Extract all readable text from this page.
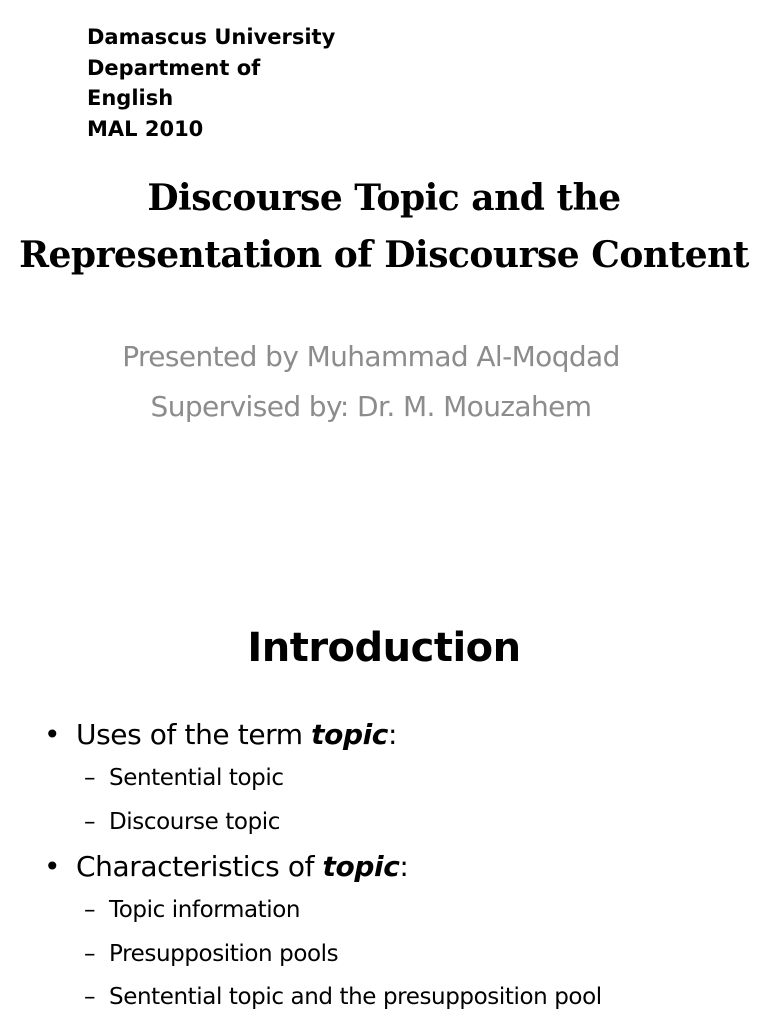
Damascus University
Department of
English
MAL 2010
Discourse Topic and the
Representation of Discourse Content
Presented by Muhammad Al-Moqdad
Supervised by: Dr. M. Mouzahem
Introduction
• Uses of the term topic:
– Sentential topic
– Discourse topic
• Characteristics of topic:
– Topic information
– Presupposition pools
– Sentential topic and the presupposition pool
